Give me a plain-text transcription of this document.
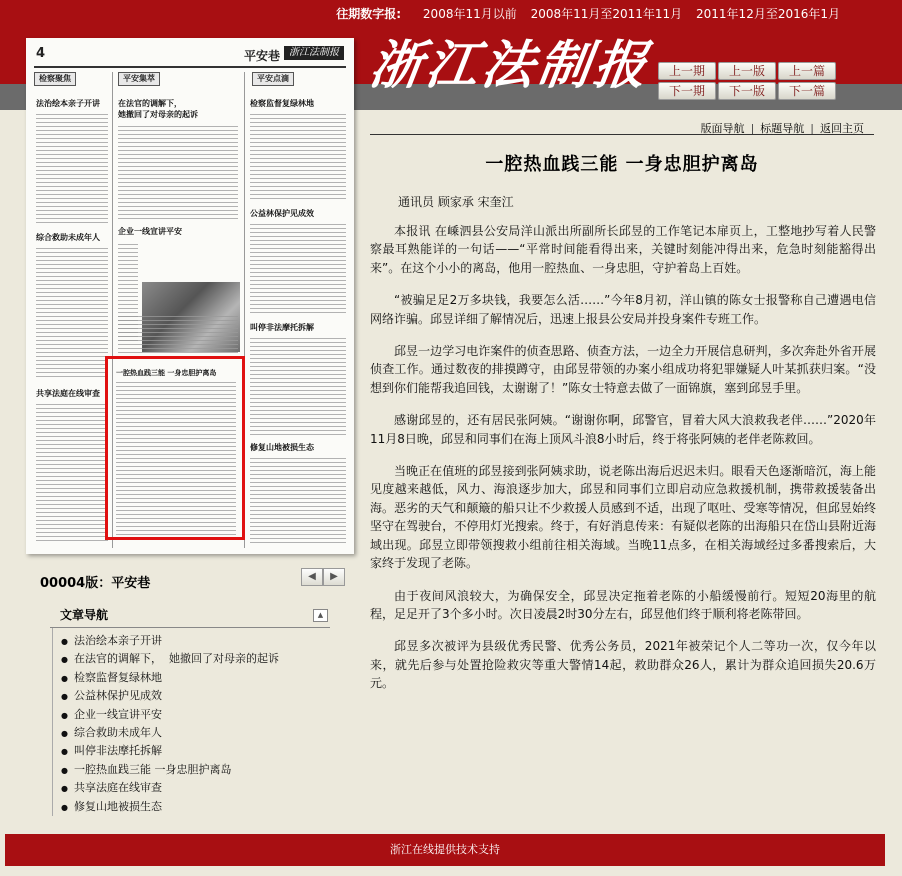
往期数字报: 2008年11月以前 2008年11月至2011年11月 2011年12月至2016年1月
浙江法制报	上一期
下一期
上一版
下一版
上一篇
下一篇
4	平安巷 浙江法制报
检察聚焦	平安集萃	平安点滴
法治绘本亲子开讲
综合救助未成年人
共享法庭在线审查
在法官的调解下，
她撤回了对母亲的起诉
企业一线宣讲平安
一腔热血践三能 一身忠胆护离岛
检察监督复绿林地
公益林保护见成效
叫停非法摩托拆解
修复山地被损生态
00004版：平安巷	◀	▶
文章导航	▲
● 法治绘本亲子开讲
● 在法官的调解下，  她撤回了对母亲的起诉
● 检察监督复绿林地
● 公益林保护见成效
● 企业一线宣讲平安
● 综合救助未成年人
● 叫停非法摩托拆解
● 一腔热血践三能 一身忠胆护离岛
● 共享法庭在线审查
● 修复山地被损生态
版面导航 | 标题导航 | 返回主页
一腔热血践三能 一身忠胆护离岛
通讯员 顾家承 宋奎江

本报讯 在嵊泗县公安局洋山派出所副所长邱昱的工作笔记本扉页上，工整地抄写着人民警察最耳熟能详的一句话——“平常时间能看得出来，关键时刻能冲得出来，危急时刻能豁得出来”。在这个小小的离岛，他用一腔热血、一身忠胆，守护着岛上百姓。

“被骗足足2万多块钱，我要怎么活……”今年8月初，洋山镇的陈女士报警称自己遭遇电信网络诈骗。邱昱详细了解情况后，迅速上报县公安局并投身案件专班工作。

邱昱一边学习电诈案件的侦查思路、侦查方法，一边全力开展信息研判，多次奔赴外省开展侦查工作。通过数夜的排摸蹲守，由邱昱带领的办案小组成功将犯罪嫌疑人叶某抓获归案。“没想到你们能帮我追回钱，太谢谢了！”陈女士特意去做了一面锦旗，塞到邱昱手里。

感谢邱昱的，还有居民张阿姨。“谢谢你啊，邱警官，冒着大风大浪救我老伴……”2020年11月8日晚，邱昱和同事们在海上顶风斗浪8小时后，终于将张阿姨的老伴老陈救回。

当晚正在值班的邱昱接到张阿姨求助，说老陈出海后迟迟未归。眼看天色逐渐暗沉，海上能见度越来越低，风力、海浪逐步加大，邱昱和同事们立即启动应急救援机制，携带救援装备出海。恶劣的天气和颠簸的船只让不少救援人员感到不适，出现了呕吐、受寒等情况，但邱昱始终坚守在驾驶台，不停用灯光搜索。终于，有好消息传来：有疑似老陈的出海船只在岱山县附近海域出现。邱昱立即带领搜救小组前往相关海域。当晚11点多，在相关海域经过多番搜索后，大家终于发现了老陈。

由于夜间风浪较大，为确保安全，邱昱决定拖着老陈的小船缓慢前行。短短20海里的航程，足足开了3个多小时。次日凌晨2时30分左右，邱昱他们终于顺利将老陈带回。

邱昱多次被评为县级优秀民警、优秀公务员，2021年被荣记个人二等功一次，仅今年以来，就先后参与处置抢险救灾等重大警情14起，救助群众26人，累计为群众追回损失20.6万元。

浙江在线提供技术支持
